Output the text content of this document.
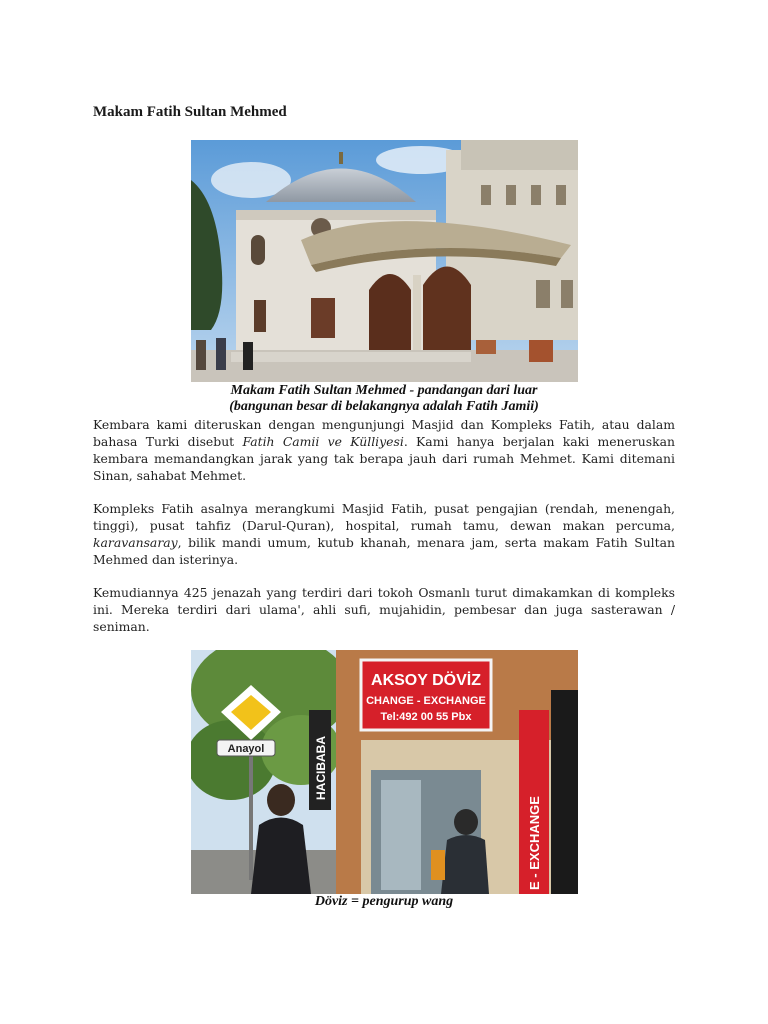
Makam Fatih Sultan Mehmed
Makam Fatih Sultan Mehmed - pandangan dari luar
(bangunan besar di belakangnya adalah Fatih Jamii)

Kembara kami diteruskan dengan mengunjungi Masjid dan Kompleks Fatih, atau dalam bahasa Turki disebut Fatih Camii ve Külliyesi. Kami hanya berjalan kaki meneruskan kembara memandangkan jarak yang tak berapa jauh dari rumah Mehmet. Kami ditemani Sinan, sahabat Mehmet.

Kompleks Fatih asalnya merangkumi Masjid Fatih, pusat pengajian (rendah, menengah, tinggi), pusat tahfiz (Darul-Quran), hospital, rumah tamu, dewan makan percuma, karavansaray, bilik mandi umum, kutub khanah, menara jam, serta makam Fatih Sultan Mehmed dan isterinya.

Kemudiannya 425 jenazah yang terdiri dari tokoh Osmanlı turut dimakamkan di kompleks ini. Mereka terdiri dari ulama', ahli sufi, mujahidin, pembesar dan juga sasterawan / seniman.

Anayol	HACIBABA
AKSOY DÖVİZ
CHANGE - EXCHANGE
Tel:492 00 55 Pbx
E - EXCHANGE
Döviz = pengurup wang
